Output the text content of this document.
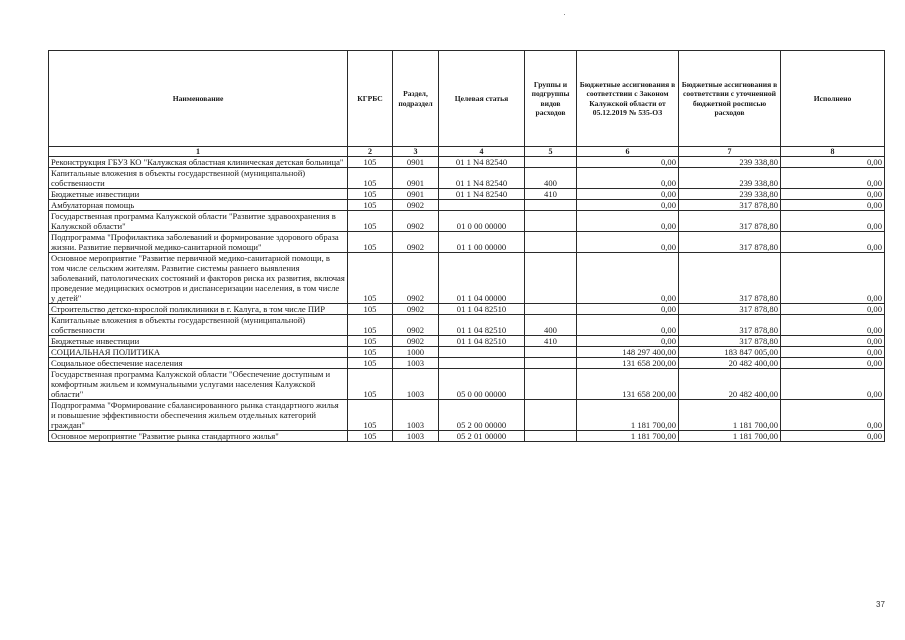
Наименование	КГРБС	Раздел, подраздел	Целевая статья	Группы и подгруппы видов расходов	Бюджетные ассигнования в соответствии с Законом Калужской области от 05.12.2019 № 535-ОЗ	Бюджетные ассигнования в соответствии с уточненной бюджетной росписью расходов	Исполнено
1	2	3	4	5	6	7	8
Реконструкция ГБУЗ КО "Калужская областная клиническая детская больница"	105	0901	01 1 N4 82540		0,00	239 338,80	0,00
Капитальные вложения в объекты государственной (муниципальной) собственности	105	0901	01 1 N4 82540	400	0,00	239 338,80	0,00
Бюджетные инвестиции	105	0901	01 1 N4 82540	410	0,00	239 338,80	0,00
Амбулаторная помощь	105	0902			0,00	317 878,80	0,00
Государственная программа Калужской области "Развитие здравоохранения в Калужской области"	105	0902	01 0 00 00000		0,00	317 878,80	0,00
Подпрограмма "Профилактика заболеваний и формирование здорового образа жизни. Развитие первичной медико-санитарной помощи"	105	0902	01 1 00 00000		0,00	317 878,80	0,00
Основное мероприятие "Развитие первичной медико-санитарной помощи, в том числе сельским жителям. Развитие системы раннего выявления заболеваний, патологических состояний и факторов риска их развития, включая проведение медицинских осмотров и диспансеризации населения, в том числе у детей"	105	0902	01 1 04 00000		0,00	317 878,80	0,00
Строительство детско-взрослой поликлиники в г. Калуга, в том числе ПИР	105	0902	01 1 04 82510		0,00	317 878,80	0,00
Капитальные вложения в объекты государственной (муниципальной) собственности	105	0902	01 1 04 82510	400	0,00	317 878,80	0,00
Бюджетные инвестиции	105	0902	01 1 04 82510	410	0,00	317 878,80	0,00
СОЦИАЛЬНАЯ ПОЛИТИКА	105	1000			148 297 400,00	183 847 005,00	0,00
Социальное обеспечение населения	105	1003			131 658 200,00	20 482 400,00	0,00
Государственная программа Калужской области "Обеспечение доступным и комфортным жильем и коммунальными услугами населения Калужской области"	105	1003	05 0 00 00000		131 658 200,00	20 482 400,00	0,00
Подпрограмма "Формирование сбалансированного рынка стандартного жилья и повышение эффективности обеспечения жильем отдельных категорий граждан"	105	1003	05 2 00 00000		1 181 700,00	1 181 700,00	0,00
Основное мероприятие "Развитие рынка стандартного жилья"	105	1003	05 2 01 00000		1 181 700,00	1 181 700,00	0,00
37
